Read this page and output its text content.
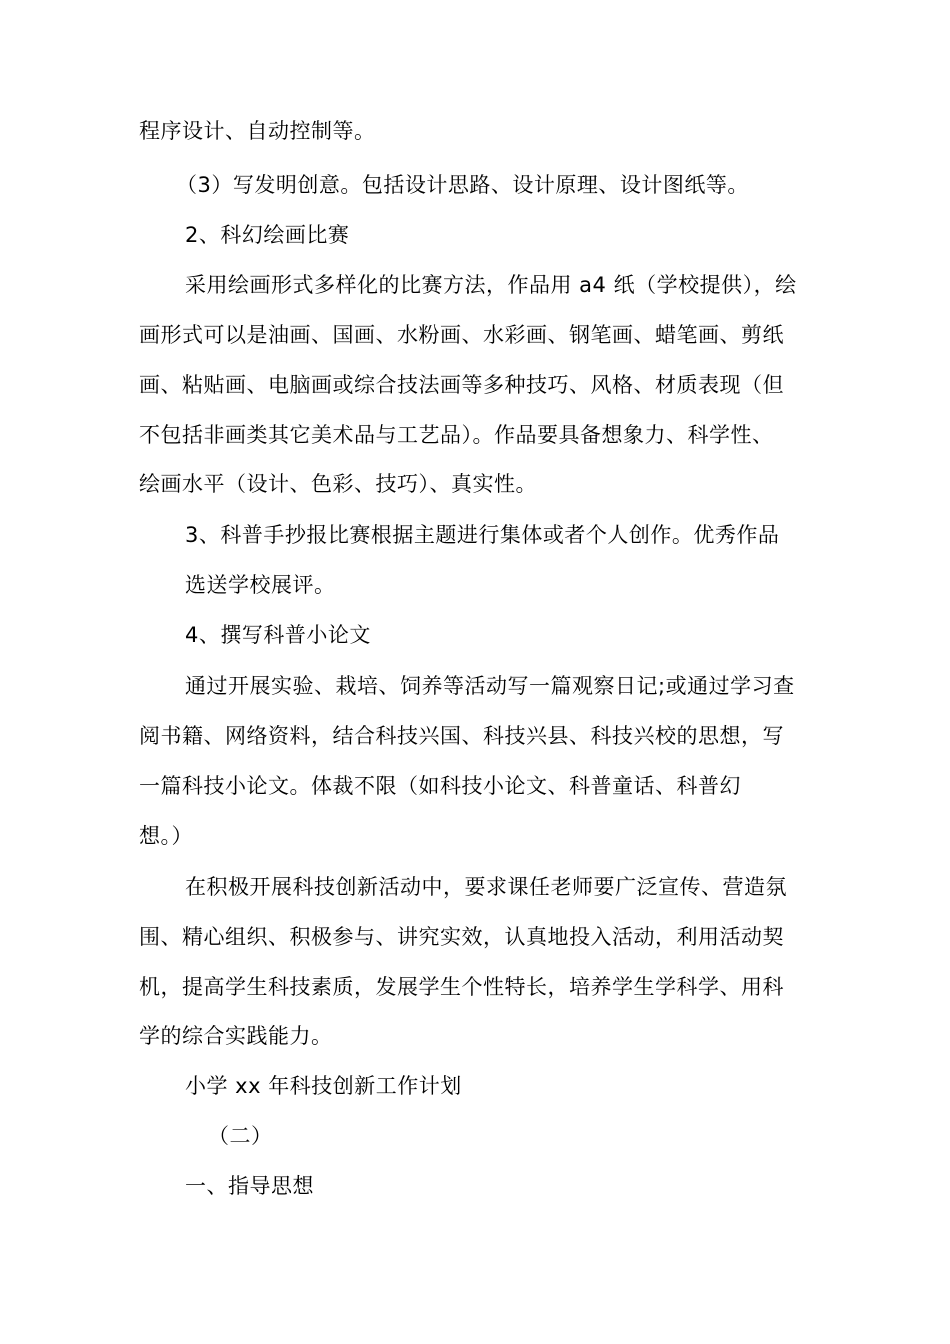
程序设计、自动控制等。
（3）写发明创意。包括设计思路、设计原理、设计图纸等。
2、科幻绘画比赛
采用绘画形式多样化的比赛方法，作品用 a4 纸（学校提供），绘
画形式可以是油画、国画、水粉画、水彩画、钢笔画、蜡笔画、剪纸
画、粘贴画、电脑画或综合技法画等多种技巧、风格、材质表现（但
不包括非画类其它美术品与工艺品）。作品要具备想象力、科学性、
绘画水平（设计、色彩、技巧）、真实性。
3、科普手抄报比赛根据主题进行集体或者个人创作。优秀作品
选送学校展评。
4、撰写科普小论文
通过开展实验、栽培、饲养等活动写一篇观察日记;或通过学习查
阅书籍、网络资料，结合科技兴国、科技兴县、科技兴校的思想，写
一篇科技小论文。体裁不限（如科技小论文、科普童话、科普幻
想。）
在积极开展科技创新活动中，要求课任老师要广泛宣传、营造氛
围、精心组织、积极参与、讲究实效，认真地投入活动，利用活动契
机，提高学生科技素质，发展学生个性特长，培养学生学科学、用科
学的综合实践能力。
小学 xx 年科技创新工作计划
（二）
一、指导思想
